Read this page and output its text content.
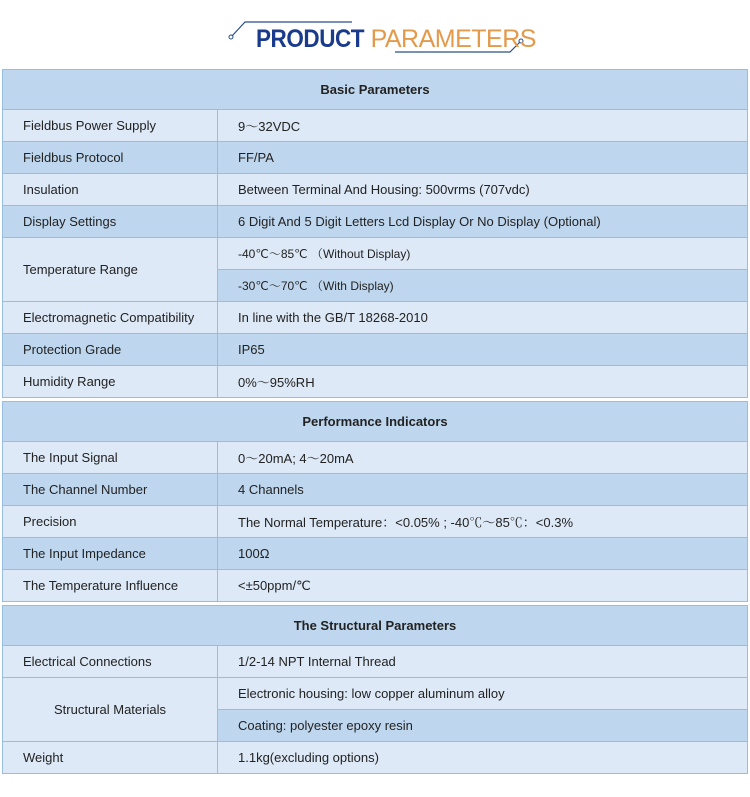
PRODUCT PARAMETERS
Basic Parameters	
Fieldbus Power Supply	9～32VDC
Fieldbus Protocol	FF/PA
Insulation	Between Terminal And Housing: 500vrms (707vdc)
Display Settings	6 Digit And 5 Digit Letters Lcd Display Or No Display (Optional)
Temperature Range	-40℃～85℃ （Without Display)
	-30℃～70℃ （With Display)
Electromagnetic Compatibility	In line with the GB/T 18268-2010
Protection Grade	IP65
Humidity Range	0%～95%RH

Performance Indicators	
The Input Signal	0～20mA; 4～20mA
The Channel Number	4 Channels
Precision	The Normal Temperature：<0.05% ; -40℃～85℃：<0.3%
The Input Impedance	100Ω
The Temperature Influence	<±50ppm/℃

The Structural Parameters	
Electrical Connections	1/2-14 NPT Internal Thread
Structural Materials	Electronic housing: low copper aluminum alloy
	Coating: polyester epoxy resin
Weight	1.1kg(excluding options)
